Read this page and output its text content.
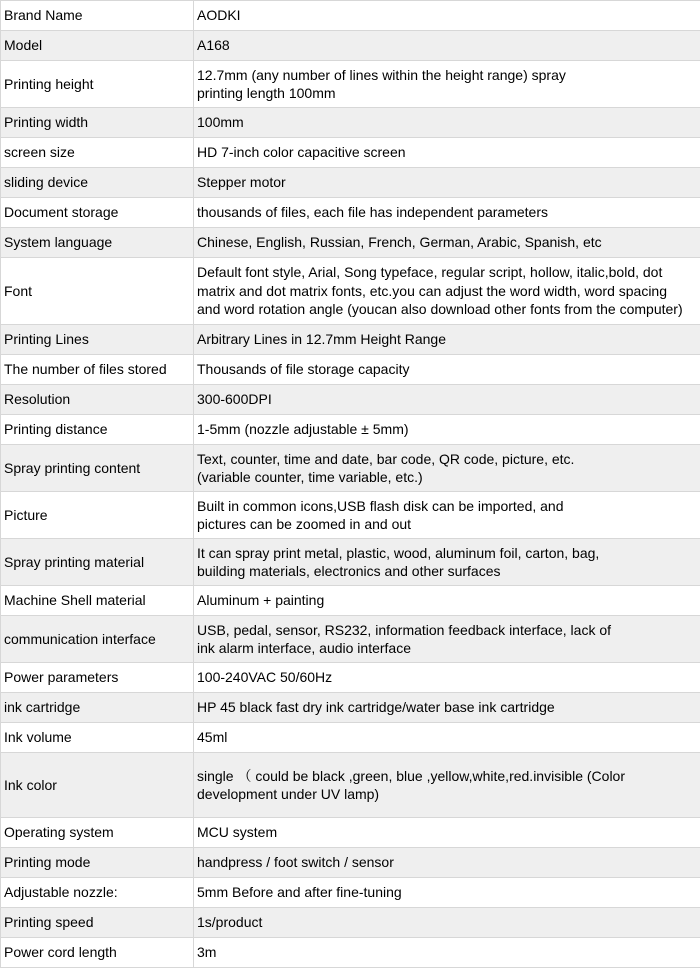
Brand Name	AODKI

Model	A168

Printing height	12.7mm (any number of lines within the height range) spray
printing length 100mm

Printing width	100mm

screen size	HD 7-inch color capacitive screen

sliding device	Stepper motor

Document storage	thousands of files, each file has independent parameters

System language	Chinese, English, Russian, French, German, Arabic, Spanish, etc

Font	Default font style, Arial, Song typeface, regular script, hollow, italic,bold, dot
matrix and dot matrix fonts, etc.you can adjust the word width, word spacing
and word rotation angle (youcan also download other fonts from the computer)

Printing Lines	Arbitrary Lines in 12.7mm Height Range

The number of files stored	Thousands of file storage capacity

Resolution	300-600DPI

Printing distance	1-5mm (nozzle adjustable ± 5mm)

Spray printing content	Text, counter, time and date, bar code, QR code, picture, etc.
(variable counter, time variable, etc.)

Picture	Built in common icons,USB flash disk can be imported, and
pictures can be zoomed in and out

Spray printing material	It can spray print metal, plastic, wood, aluminum foil, carton, bag,
building materials, electronics and other surfaces

Machine Shell material	Aluminum + painting

communication interface	USB, pedal, sensor, RS232, information feedback interface, lack of
ink alarm interface, audio interface

Power parameters	100-240VAC 50/60Hz

ink cartridge	HP 45 black fast dry ink cartridge/water base ink cartridge

Ink volume	45ml

Ink color	single （ could be black ,green, blue ,yellow,white,red.invisible (Color
development under UV lamp)

Operating system	MCU system

Printing mode	handpress / foot switch / sensor

Adjustable nozzle:	5mm Before and after fine-tuning

Printing speed	1s/product

Power cord length	3m
